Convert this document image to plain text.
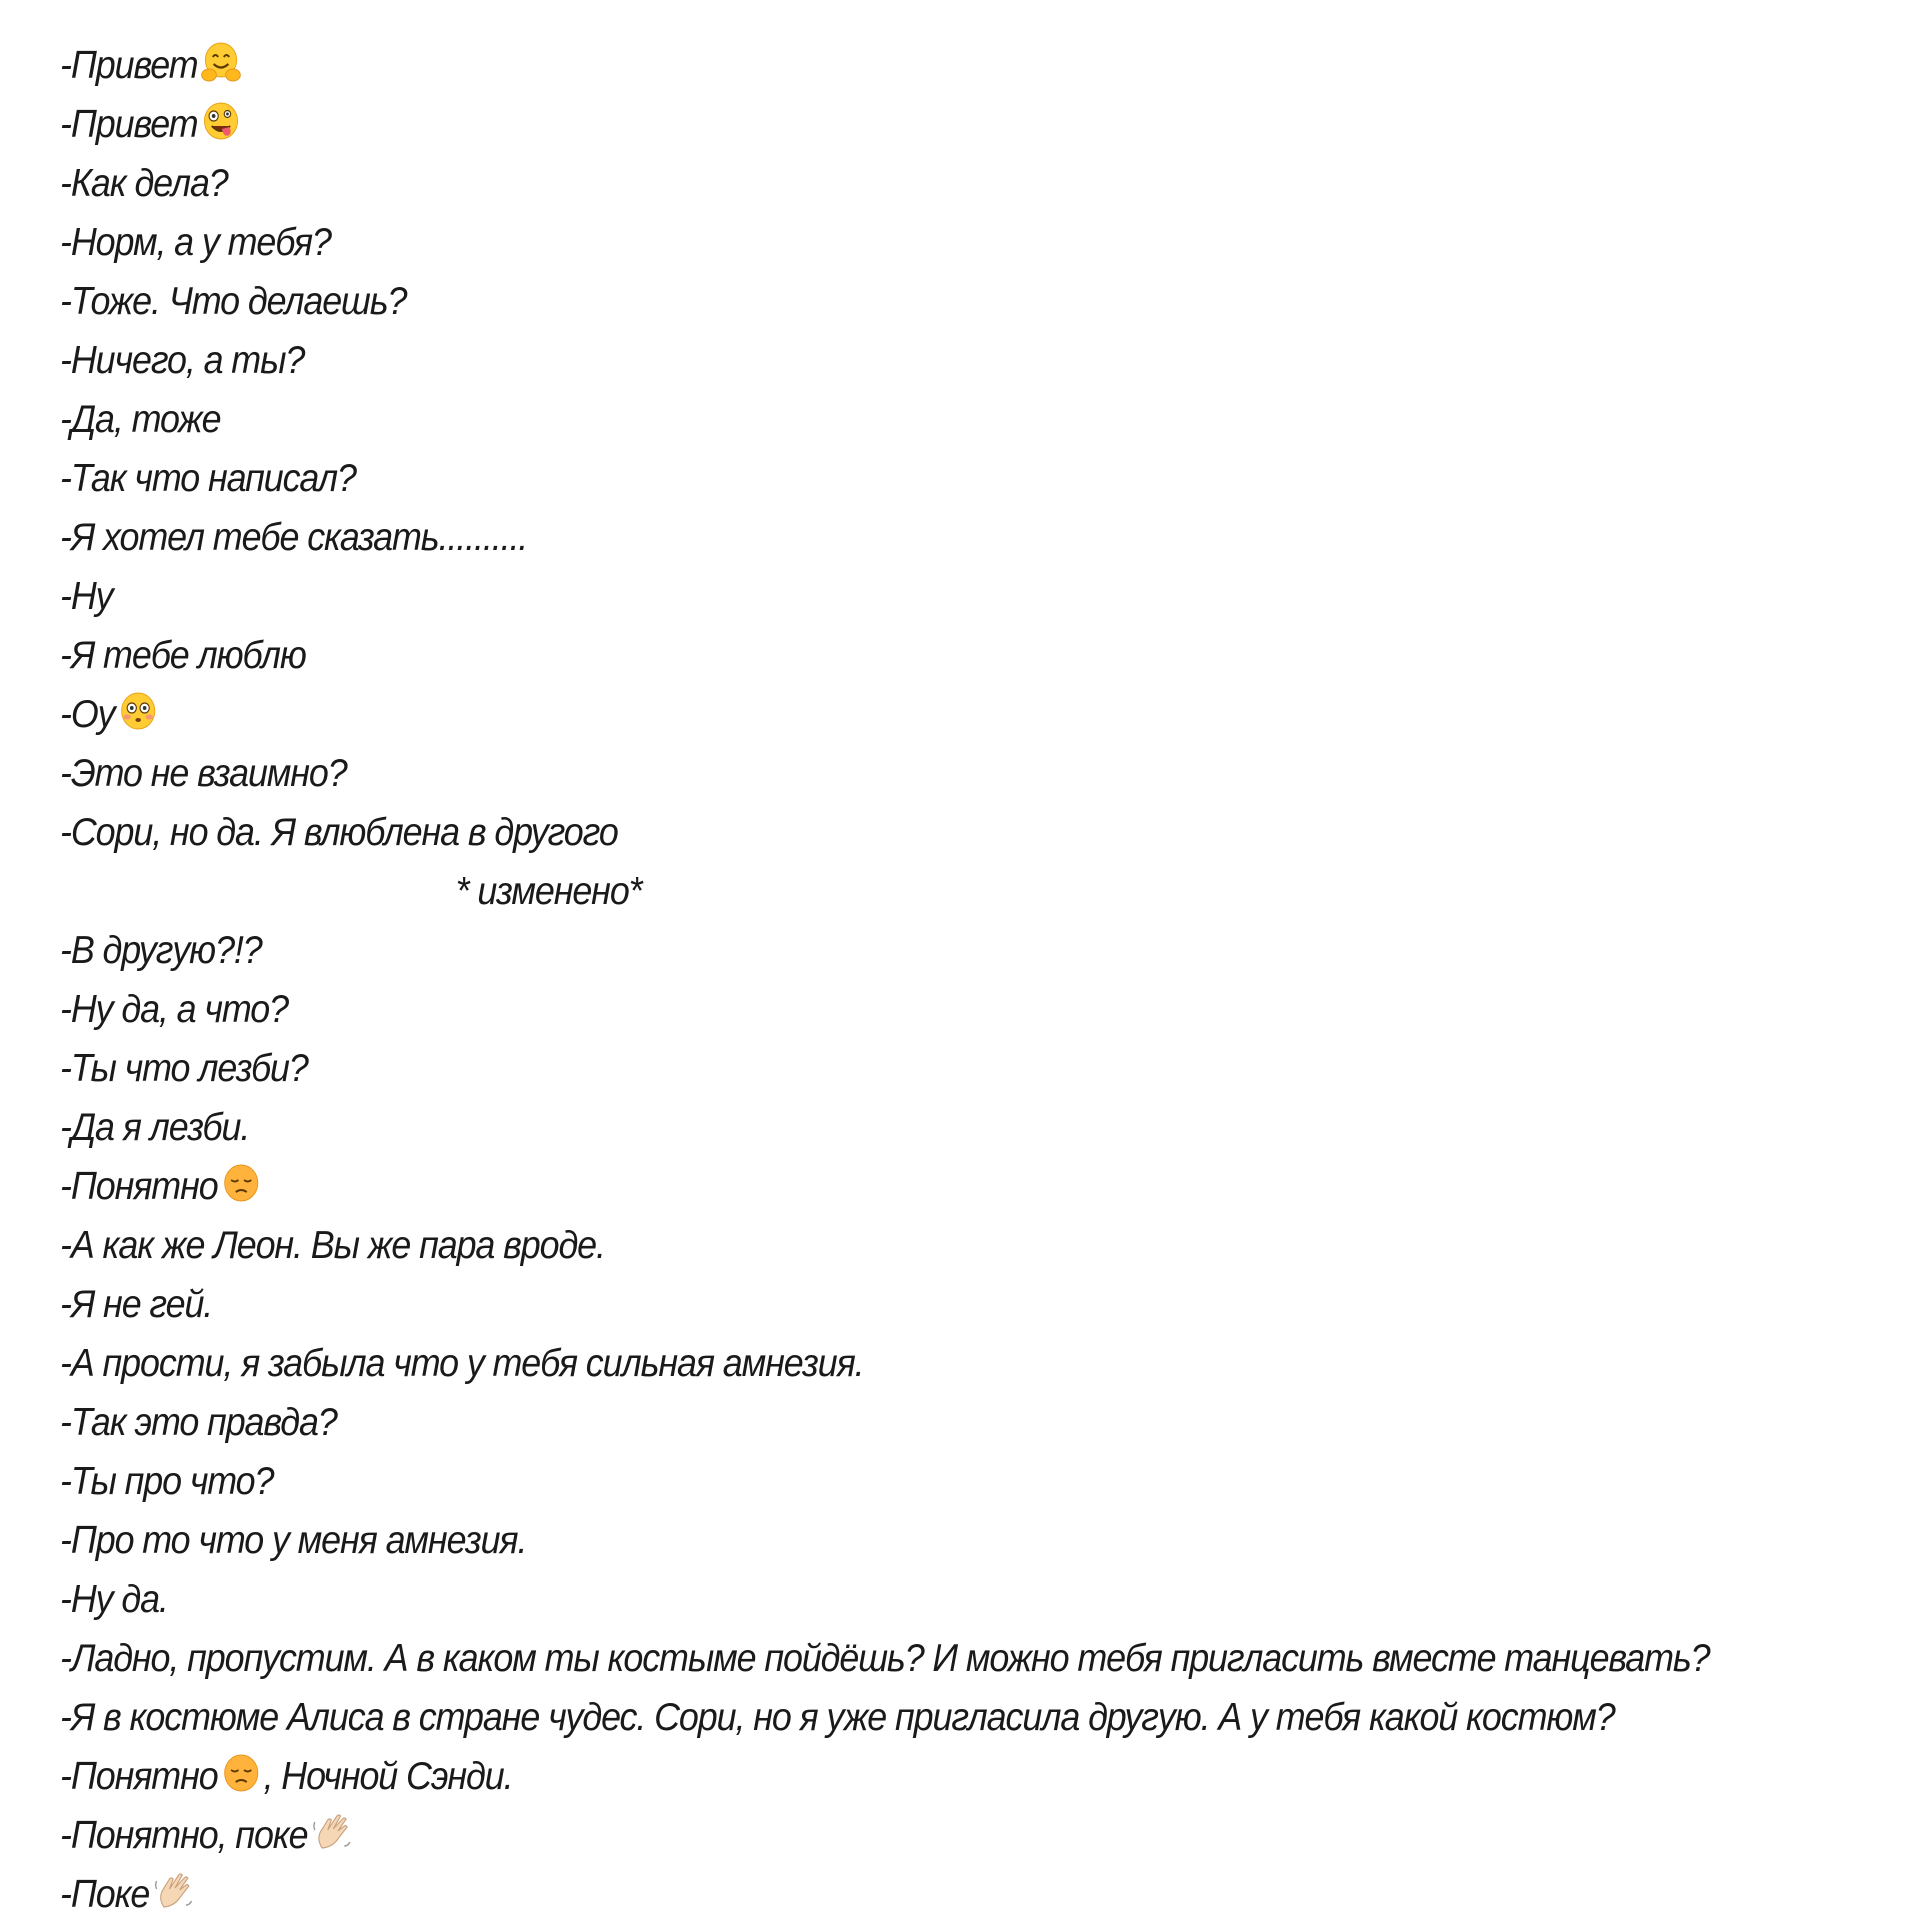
-Привет
-Привет
-Как дела?
-Норм, а у тебя?
-Тоже. Что делаешь?
-Ничего, а ты?
-Да, тоже
-Так что написал?
-Я хотел тебе сказать..........
-Ну
-Я тебе люблю
-Оу
-Это не взаимно?
-Сори, но да. Я влюблена в другого
* изменено*
-В другую?!?
-Ну да, а что?
-Ты что лезби?
-Да я лезби.
-Понятно
-А как же Леон. Вы же пара вроде.
-Я не гей.
-А прости, я забыла что у тебя сильная амнезия.
-Так это правда?
-Ты про что?
-Про то что у меня амнезия.
-Ну да.
-Ладно, пропустим. А в каком ты костыме пойдёшь? И можно тебя пригласить вместе танцевать?
-Я в костюме Алиса в стране чудес. Сори, но я уже пригласила другую. А у тебя какой костюм?
-Понятно , Ночной Сэнди.
-Понятно, поке
-Поке
